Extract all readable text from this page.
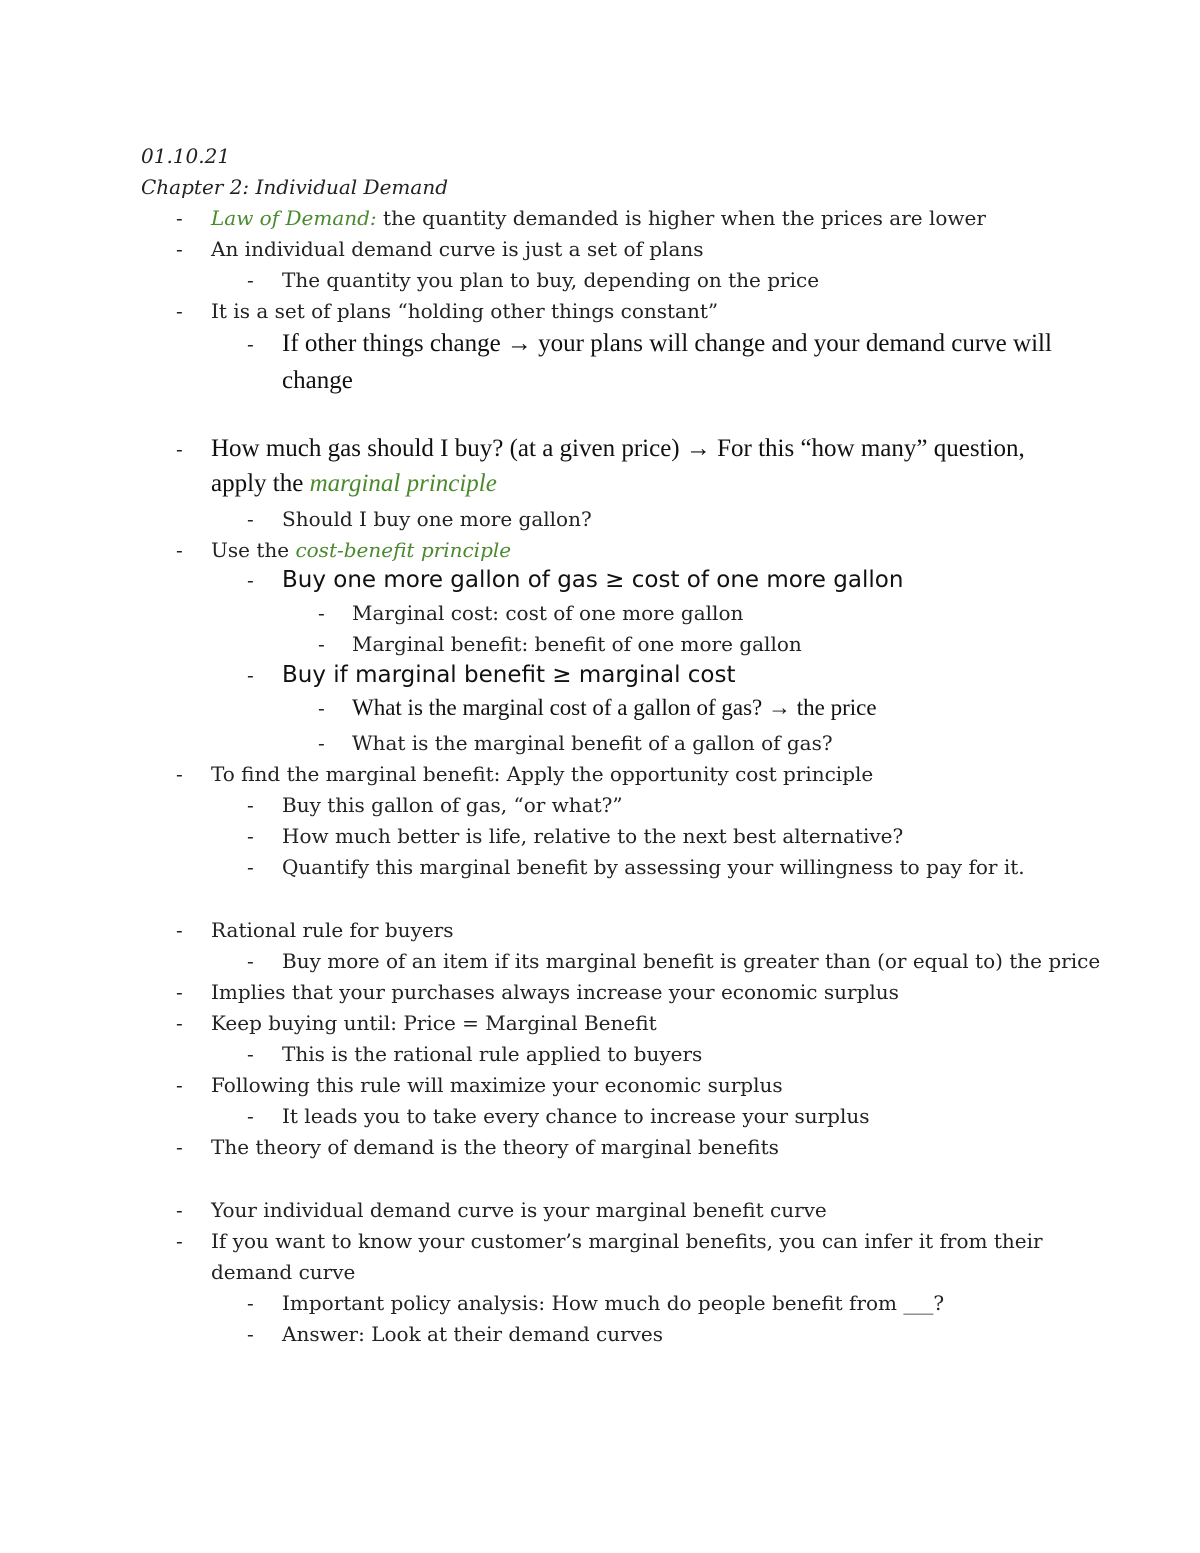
01.10.21
Chapter 2: Individual Demand
- Law of Demand: the quantity demanded is higher when the prices are lower
- An individual demand curve is just a set of plans
- The quantity you plan to buy, depending on the price
- It is a set of plans “holding other things constant”
- If other things change → your plans will change and your demand curve will
change
- How much gas should I buy? (at a given price) → For this “how many” question,
apply the marginal principle
- Should I buy one more gallon?
- Use the cost-benefit principle
- Buy one more gallon of gas ≥ cost of one more gallon
- Marginal cost: cost of one more gallon
- Marginal benefit: benefit of one more gallon
- Buy if marginal benefit ≥ marginal cost
- What is the marginal cost of a gallon of gas? → the price
- What is the marginal benefit of a gallon of gas?
- To find the marginal benefit: Apply the opportunity cost principle
- Buy this gallon of gas, “or what?”
- How much better is life, relative to the next best alternative?
- Quantify this marginal benefit by assessing your willingness to pay for it.
- Rational rule for buyers
- Buy more of an item if its marginal benefit is greater than (or equal to) the price
- Implies that your purchases always increase your economic surplus
- Keep buying until: Price = Marginal Benefit
- This is the rational rule applied to buyers
- Following this rule will maximize your economic surplus
- It leads you to take every chance to increase your surplus
- The theory of demand is the theory of marginal benefits
- Your individual demand curve is your marginal benefit curve
- If you want to know your customer’s marginal benefits, you can infer it from their
demand curve
- Important policy analysis: How much do people benefit from ___?
- Answer: Look at their demand curves
